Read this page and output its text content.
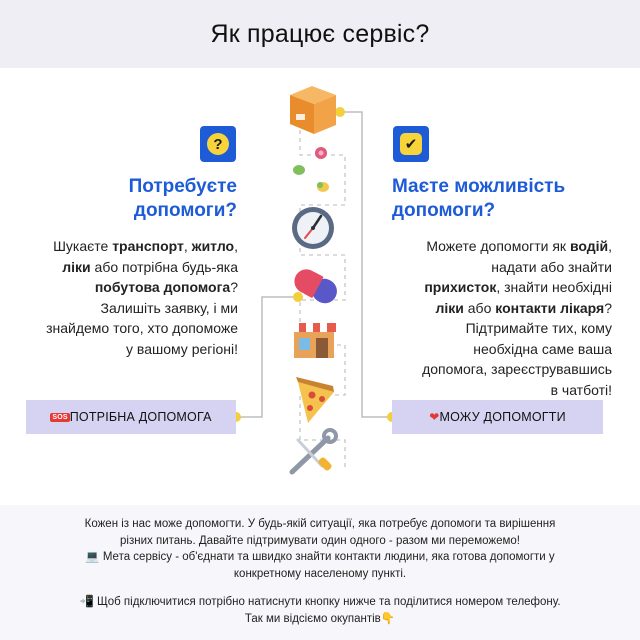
Як працює сервіс?
?
Потребуєте
допомоги?
Шукаєте транспорт, житло,
ліки або потрібна будь-яка
побутова допомога?
Залишіть заявку, і ми
знайдемо того, хто допоможе
у вашому регіоні!
SOS ПОТРІБНА ДОПОМОГА
✔
Маєте можливість
допомоги?
Можете допомогти як водій,
надати або знайти
прихисток, знайти необхідні
ліки або контакти лікаря?
Підтримайте тих, кому
необхідна саме ваша
допомога, зареєструвавшись
в чатботі!
❤ МОЖУ ДОПОМОГТИ

Кожен із нас може допомогти. У будь-якій ситуації, яка потребує допомоги та вирішення

різних питань. Давайте підтримувати один одного - разом ми переможемо!

💻 Мета сервісу - об'єднати та швидко знайти контакти людини, яка готова допомогти у

конкретному населеному пункті.

📲 Щоб підключитися потрібно натиснути кнопку нижче та поділитися номером телефону.

Так ми відсіємо окупантів👇
